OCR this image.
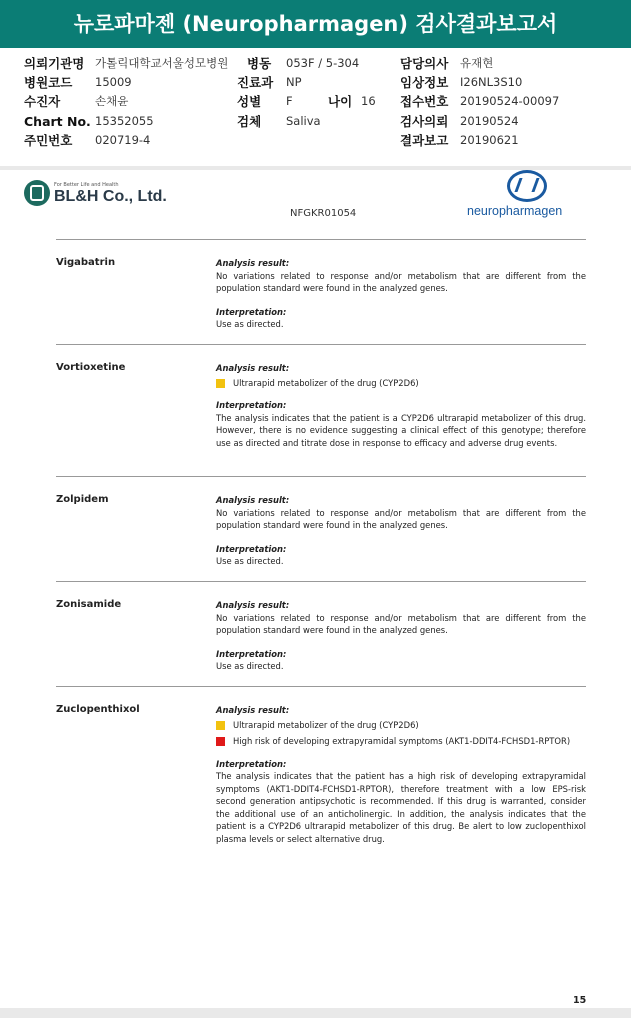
뉴로파마젠 (Neuropharmagen) 검사결과보고서
의뢰기관명 가톨릭대학교서울성모병원 병동 053F / 5-304	담당의사 유재현
병원코드 15009	진료과 NP	임상정보 I26NL3S10
수진자	손채윤	성별 F	나이 16 접수번호 20190524-00097
Chart No. 15352055	검체 Saliva	검사의뢰 20190524
주민번호 020719-4	결과보고 20190621
For Better Life and Health
BL&H Co., Ltd.
neuropharmagen
NFGKR01054
Vigabatrin	Analysis result:
No variations related to response and/or metabolism that are different from the population standard were found in the analyzed genes.
Interpretation:
Use as directed.
Vortioxetine	Analysis result:
Ultrarapid metabolizer of the drug (CYP2D6)
Interpretation:
The analysis indicates that the patient is a CYP2D6 ultrarapid metabolizer of this drug. However, there is no evidence suggesting a clinical effect of this genotype; therefore use as directed and titrate dose in response to efficacy and adverse drug events.
Zolpidem	Analysis result:
No variations related to response and/or metabolism that are different from the population standard were found in the analyzed genes.
Interpretation:
Use as directed.
Zonisamide	Analysis result:
No variations related to response and/or metabolism that are different from the population standard were found in the analyzed genes.
Interpretation:
Use as directed.
Zuclopenthixol	Analysis result:
Ultrarapid metabolizer of the drug (CYP2D6)
High risk of developing extrapyramidal symptoms (AKT1-DDIT4-FCHSD1-RPTOR)
Interpretation:
The analysis indicates that the patient has a high risk of developing extrapyramidal symptoms (AKT1-DDIT4-FCHSD1-RPTOR), therefore treatment with a low EPS-risk second generation antipsychotic is recommended. If this drug is warranted, consider the additional use of an anticholinergic. In addition, the analysis indicates that the patient is a CYP2D6 ultrarapid metabolizer of this drug. Be alert to low zuclopenthixol plasma levels or select alternative drug.
15
